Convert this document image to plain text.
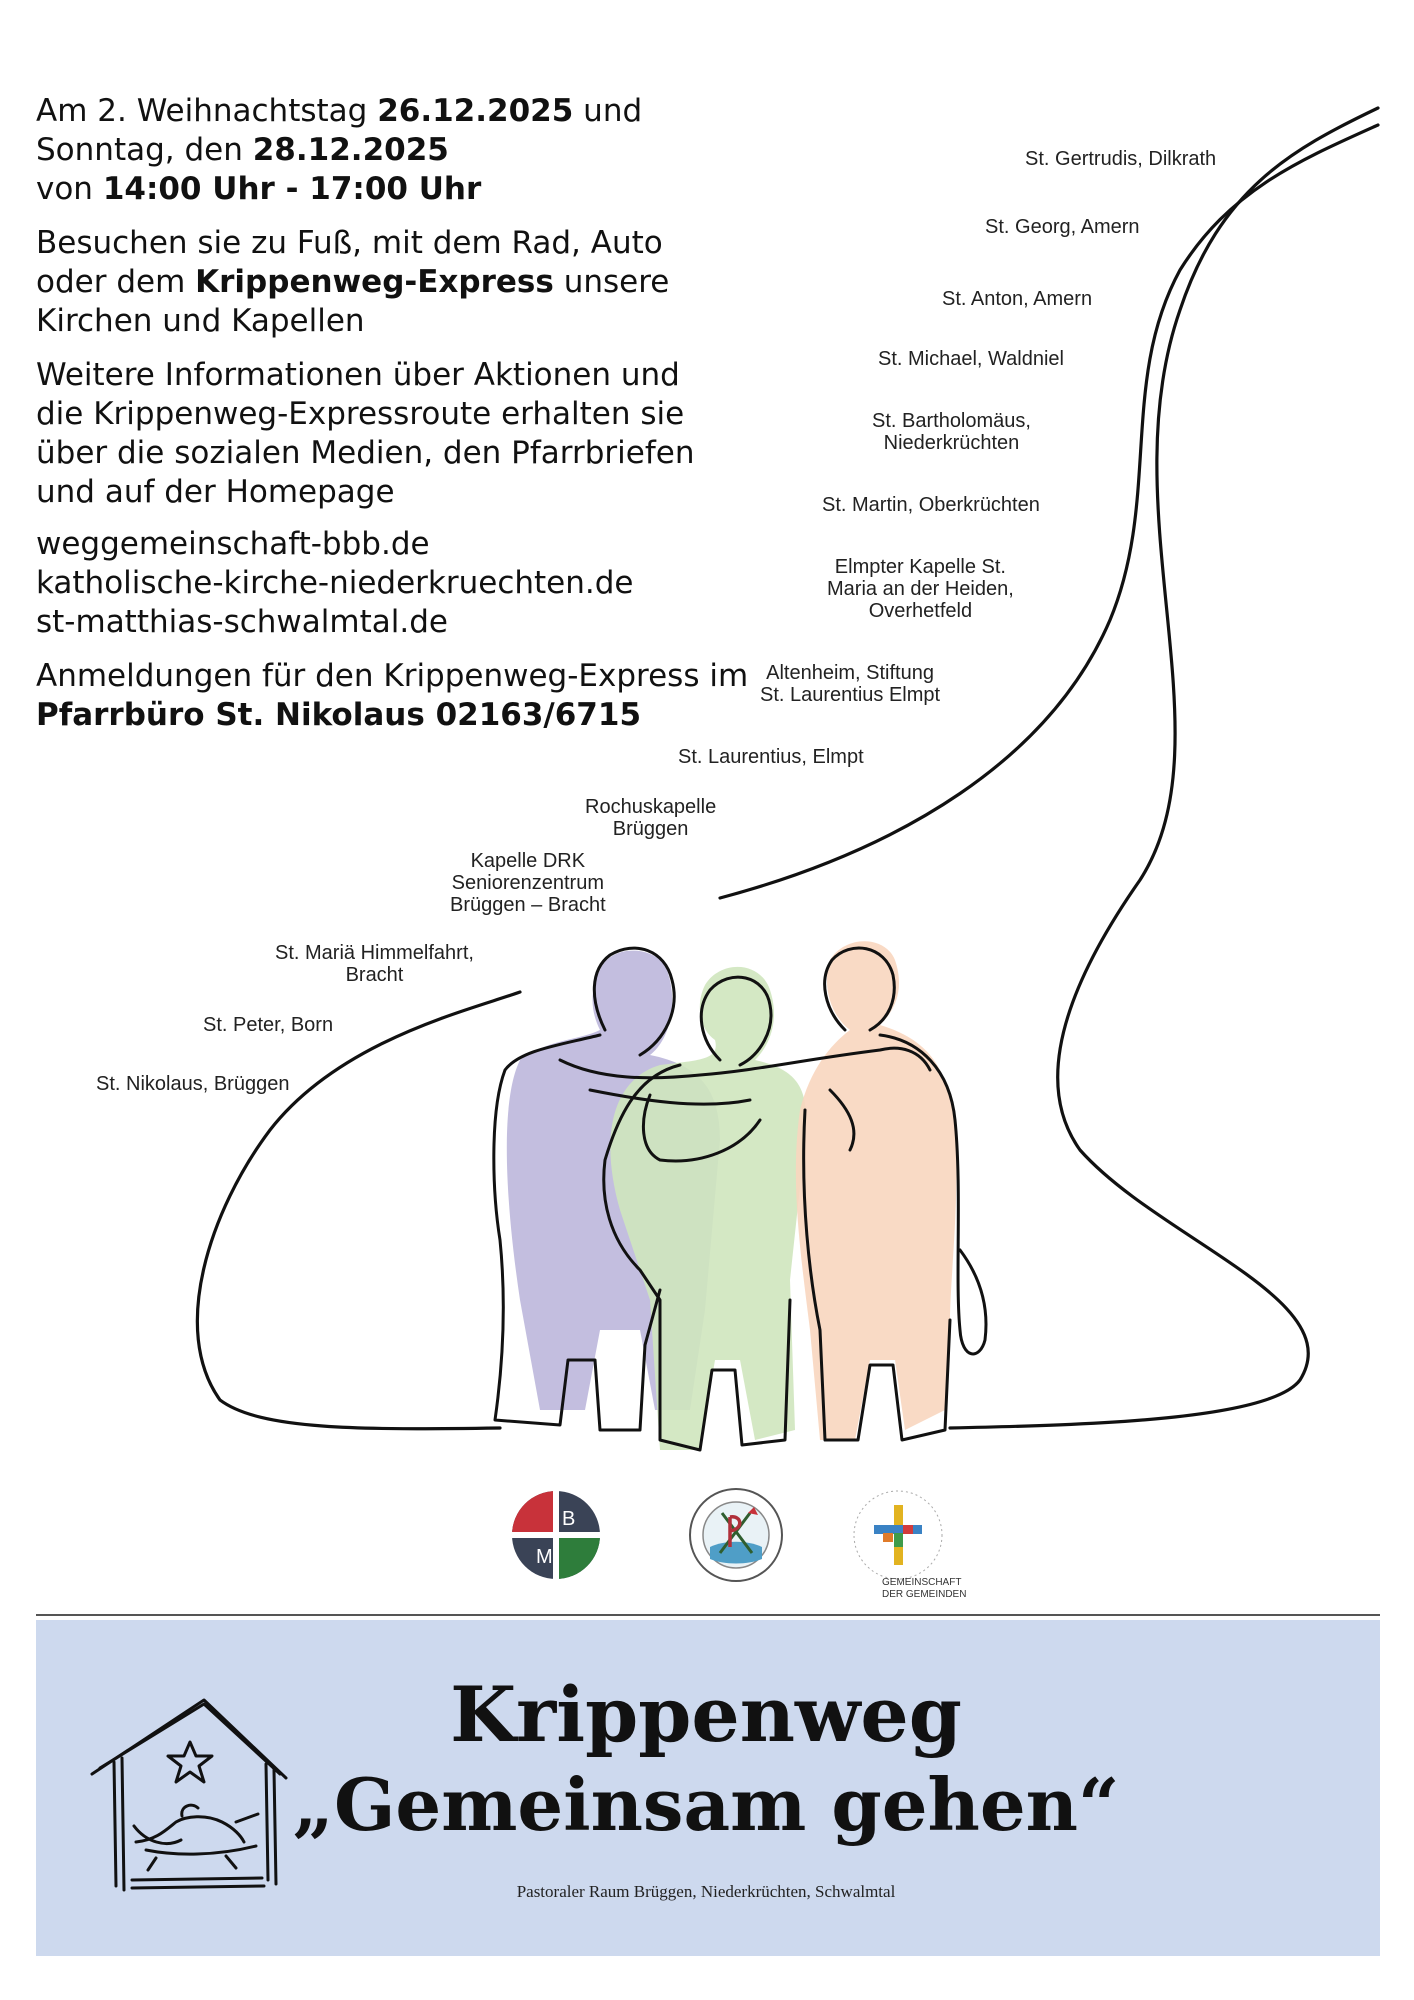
B
M
GEMEINSCHAFT
DER GEMEINDEN
Am 2. Weihnachtstag 26.12.2025 und
Sonntag, den 28.12.2025
von 14:00 Uhr - 17:00 Uhr
Besuchen sie zu Fuß, mit dem Rad, Auto oder dem Krippenweg-Express unsere Kirchen und Kapellen
Weitere Informationen über Aktionen und die Krippenweg-Expressroute erhalten sie über die sozialen Medien, den Pfarrbriefen und auf der Homepage
weggemeinschaft-bbb.de
katholische-kirche-niederkruechten.de
st-matthias-schwalmtal.de
Anmeldungen für den Krippenweg-Express im
Pfarrbüro St. Nikolaus 02163/6715
St. Gertrudis, Dilkrath
St. Georg, Amern
St. Anton, Amern
St. Michael, Waldniel
St. Bartholomäus,
Niederkrüchten
St. Martin, Oberkrüchten
Elmpter Kapelle St.
Maria an der Heiden,
Overhetfeld
Altenheim, Stiftung
St. Laurentius Elmpt
St. Laurentius, Elmpt
Rochuskapelle
Brüggen
Kapelle DRK
Seniorenzentrum
Brüggen – Bracht
St. Mariä Himmelfahrt,
Bracht
St. Peter, Born
St. Nikolaus, Brüggen
Krippenweg
„Gemeinsam gehen“
Pastoraler Raum Brüggen, Niederkrüchten, Schwalmtal
